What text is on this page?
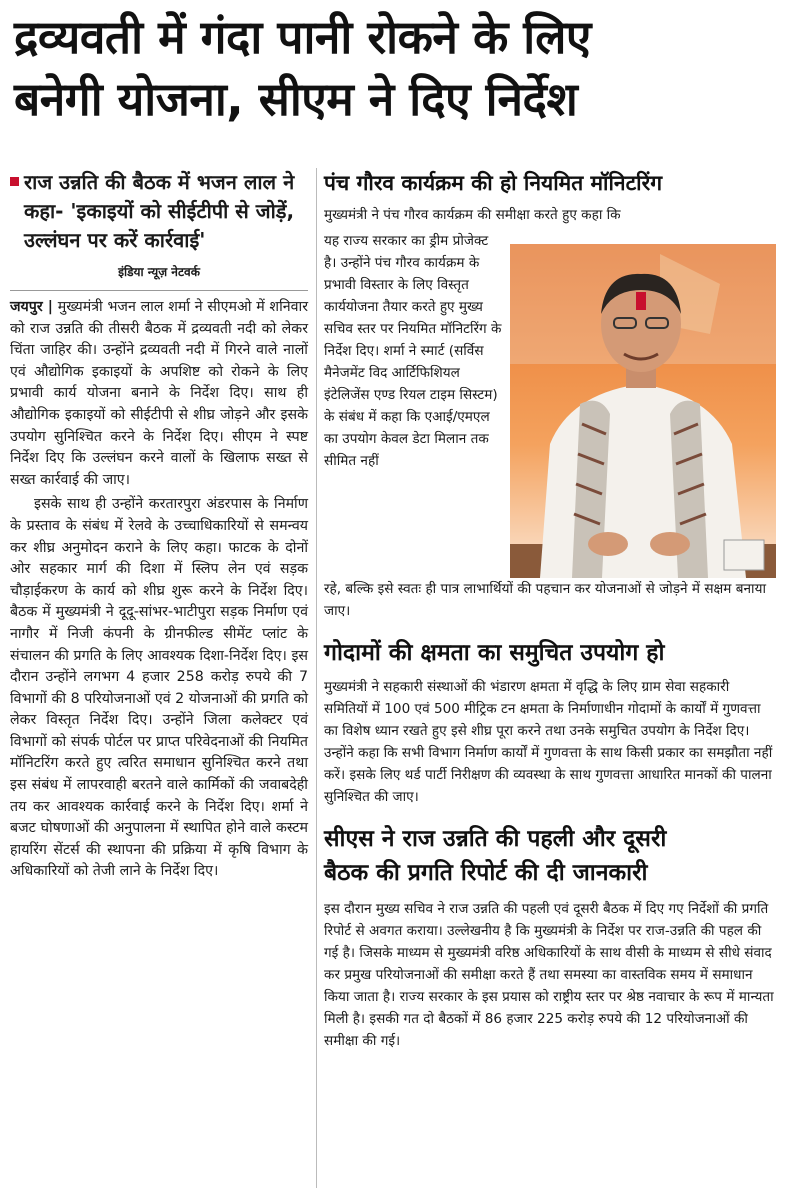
द्रव्यवती में गंदा पानी रोकने के लिए
बनेगी योजना, सीएम ने दिए निर्देश
राज उन्नति की बैठक में भजन लाल ने कहा- 'इकाइयों को सीईटीपी से जोड़ें, उल्लंघन पर करें कार्रवाई'
इंडिया न्यूज़ नेटवर्क

जयपुर | मुख्यमंत्री भजन लाल शर्मा ने सीएमओ में शनिवार को राज उन्नति की तीसरी बैठक में द्रव्यवती नदी को लेकर चिंता जाहिर की। उन्होंने द्रव्यवती नदी में गिरने वाले नालों एवं औद्योगिक इकाइयों के अपशिष्ट को रोकने के लिए प्रभावी कार्य योजना बनाने के निर्देश दिए। साथ ही औद्योगिक इकाइयों को सीईटीपी से शीघ्र जोड़ने और इसके उपयोग सुनिश्चित करने के निर्देश दिए। सीएम ने स्पष्ट निर्देश दिए कि उल्लंघन करने वालों के खिलाफ सख्त से सख्त कार्रवाई की जाए।

इसके साथ ही उन्होंने करतारपुरा अंडरपास के निर्माण के प्रस्ताव के संबंध में रेलवे के उच्चाधिकारियों से समन्वय कर शीघ्र अनुमोदन कराने के लिए कहा। फाटक के दोनों ओर सहकार मार्ग की दिशा में स्लिप लेन एवं सड़क चौड़ाईकरण के कार्य को शीघ्र शुरू करने के निर्देश दिए। बैठक में मुख्यमंत्री ने दूदू-सांभर-भाटीपुरा सड़क निर्माण एवं नागौर में निजी कंपनी के ग्रीनफील्ड सीमेंट प्लांट के संचालन की प्रगति के लिए आवश्यक दिशा-निर्देश दिए। इस दौरान उन्होंने लगभग 4 हजार 258 करोड़ रुपये की 7 विभागों की 8 परियोजनाओं एवं 2 योजनाओं की प्रगति को लेकर विस्तृत निर्देश दिए। उन्होंने जिला कलेक्टर एवं विभागों को संपर्क पोर्टल पर प्राप्त परिवेदनाओं की नियमित मॉनिटरिंग करते हुए त्वरित समाधान सुनिश्चित करने तथा इस संबंध में लापरवाही बरतने वाले कार्मिकों की जवाबदेही तय कर आवश्यक कार्रवाई करने के निर्देश दिए। शर्मा ने बजट घोषणाओं की अनुपालना में स्थापित होने वाले कस्टम हायरिंग सेंटर्स की स्थापना की प्रक्रिया में कृषि विभाग के अधिकारियों को तेजी लाने के निर्देश दिए।

पंच गौरव कार्यक्रम की हो नियमित मॉनिटरिंग
मुख्यमंत्री ने पंच गौरव कार्यक्रम की समीक्षा करते हुए कहा कि
यह राज्य सरकार का ड्रीम प्रोजेक्ट है। उन्होंने पंच गौरव कार्यक्रम के प्रभावी विस्तार के लिए विस्तृत कार्ययोजना तैयार करते हुए मुख्य सचिव स्तर पर नियमित मॉनिटरिंग के निर्देश दिए। शर्मा ने स्मार्ट (सर्विस मैनेजमेंट विद आर्टिफिशियल इंटेलिजेंस एण्ड रियल टाइम सिस्टम) के संबंध में कहा कि एआई/एमएल का उपयोग केवल डेटा मिलान तक सीमित नहीं
रहे, बल्कि इसे स्वतः ही पात्र लाभार्थियों की पहचान कर योजनाओं से जोड़ने में सक्षम बनाया जाए।
गोदामों की क्षमता का समुचित उपयोग हो
मुख्यमंत्री ने सहकारी संस्थाओं की भंडारण क्षमता में वृद्धि के लिए ग्राम सेवा सहकारी समितियों में 100 एवं 500 मीट्रिक टन क्षमता के निर्माणाधीन गोदामों के कार्यों में गुणवत्ता का विशेष ध्यान रखते हुए इसे शीघ्र पूरा करने तथा उनके समुचित उपयोग के निर्देश दिए। उन्होंने कहा कि सभी विभाग निर्माण कार्यों में गुणवत्ता के साथ किसी प्रकार का समझौता नहीं करें। इसके लिए थर्ड पार्टी निरीक्षण की व्यवस्था के साथ गुणवत्ता आधारित मानकों की पालना सुनिश्चित की जाए।
सीएस ने राज उन्नति की पहली और दूसरी
बैठक की प्रगति रिपोर्ट की दी जानकारी
इस दौरान मुख्य सचिव ने राज उन्नति की पहली एवं दूसरी बैठक में दिए गए निर्देशों की प्रगति रिपोर्ट से अवगत कराया। उल्लेखनीय है कि मुख्यमंत्री के निर्देश पर राज-उन्नति की पहल की गई है। जिसके माध्यम से मुख्यमंत्री वरिष्ठ अधिकारियों के साथ वीसी के माध्यम से सीधे संवाद कर प्रमुख परियोजनाओं की समीक्षा करते हैं तथा समस्या का वास्तविक समय में समाधान किया जाता है। राज्य सरकार के इस प्रयास को राष्ट्रीय स्तर पर श्रेष्ठ नवाचार के रूप में मान्यता मिली है। इसकी गत दो बैठकों में 86 हजार 225 करोड़ रुपये की 12 परियोजनाओं की समीक्षा की गई।
